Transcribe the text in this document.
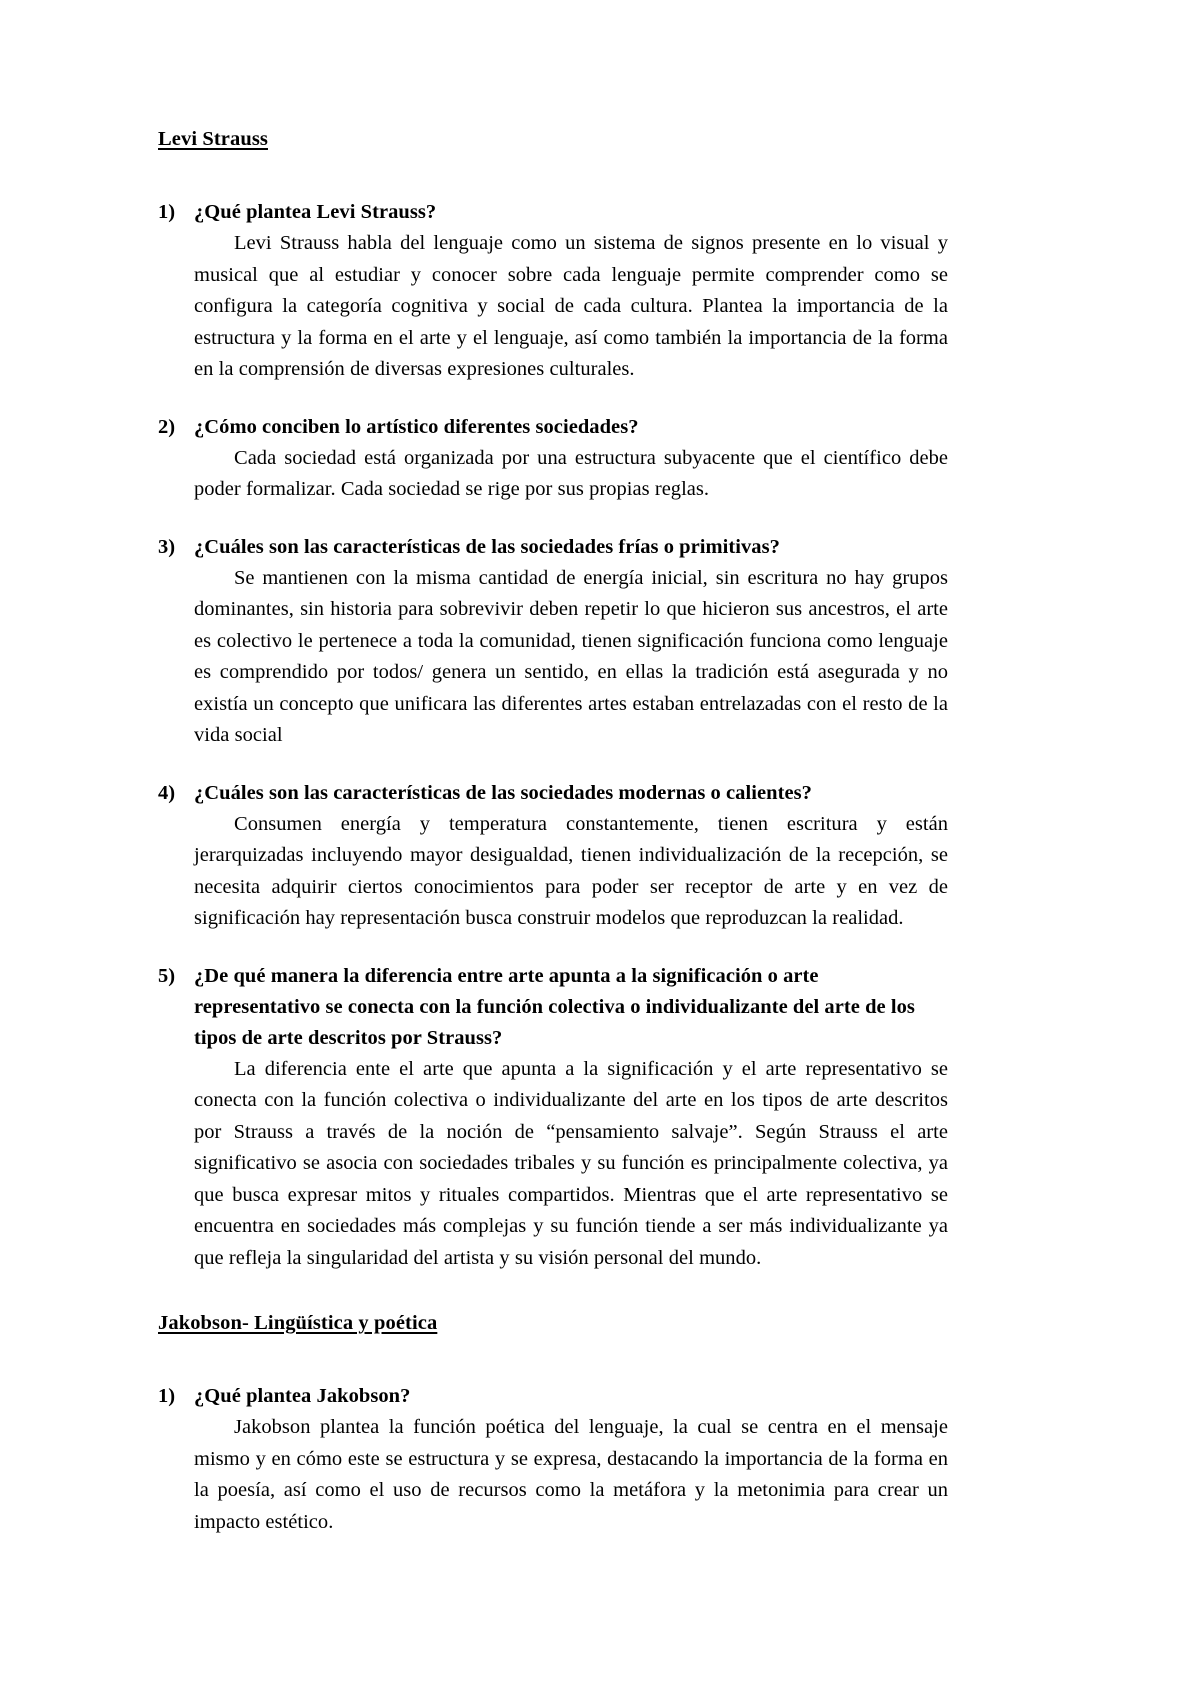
Levi Strauss
1) ¿Qué plantea Levi Strauss?

Levi Strauss habla del lenguaje como un sistema de signos presente en lo visual y musical que al estudiar y conocer sobre cada lenguaje permite comprender como se configura la categoría cognitiva y social de cada cultura. Plantea la importancia de la estructura y la forma en el arte y el lenguaje, así como también la importancia de la forma en la comprensión de diversas expresiones culturales.

2) ¿Cómo conciben lo artístico diferentes sociedades?

Cada sociedad está organizada por una estructura subyacente que el científico debe poder formalizar. Cada sociedad se rige por sus propias reglas.

3) ¿Cuáles son las características de las sociedades frías o primitivas?

Se mantienen con la misma cantidad de energía inicial, sin escritura no hay grupos dominantes, sin historia para sobrevivir deben repetir lo que hicieron sus ancestros, el arte es colectivo le pertenece a toda la comunidad, tienen significación funciona como lenguaje es comprendido por todos/ genera un sentido, en ellas la tradición está asegurada y no existía un concepto que unificara las diferentes artes estaban entrelazadas con el resto de la vida social

4) ¿Cuáles son las características de las sociedades modernas o calientes?

Consumen energía y temperatura constantemente, tienen escritura y están jerarquizadas incluyendo mayor desigualdad, tienen individualización de la recepción, se necesita adquirir ciertos conocimientos para poder ser receptor de arte y en vez de significación hay representación busca construir modelos que reproduzcan la realidad.

5) ¿De qué manera la diferencia entre arte apunta a la significación o arte representativo se conecta con la función colectiva o individualizante del arte de los tipos de arte descritos por Strauss?

La diferencia ente el arte que apunta a la significación y el arte representativo se conecta con la función colectiva o individualizante del arte en los tipos de arte descritos por Strauss a través de la noción de “pensamiento salvaje”. Según Strauss el arte significativo se asocia con sociedades tribales y su función es principalmente colectiva, ya que busca expresar mitos y rituales compartidos. Mientras que el arte representativo se encuentra en sociedades más complejas y su función tiende a ser más individualizante ya que refleja la singularidad del artista y su visión personal del mundo.

Jakobson- Lingüística y poética
1) ¿Qué plantea Jakobson?

Jakobson plantea la función poética del lenguaje, la cual se centra en el mensaje mismo y en cómo este se estructura y se expresa, destacando la importancia de la forma en la poesía, así como el uso de recursos como la metáfora y la metonimia para crear un impacto estético.
